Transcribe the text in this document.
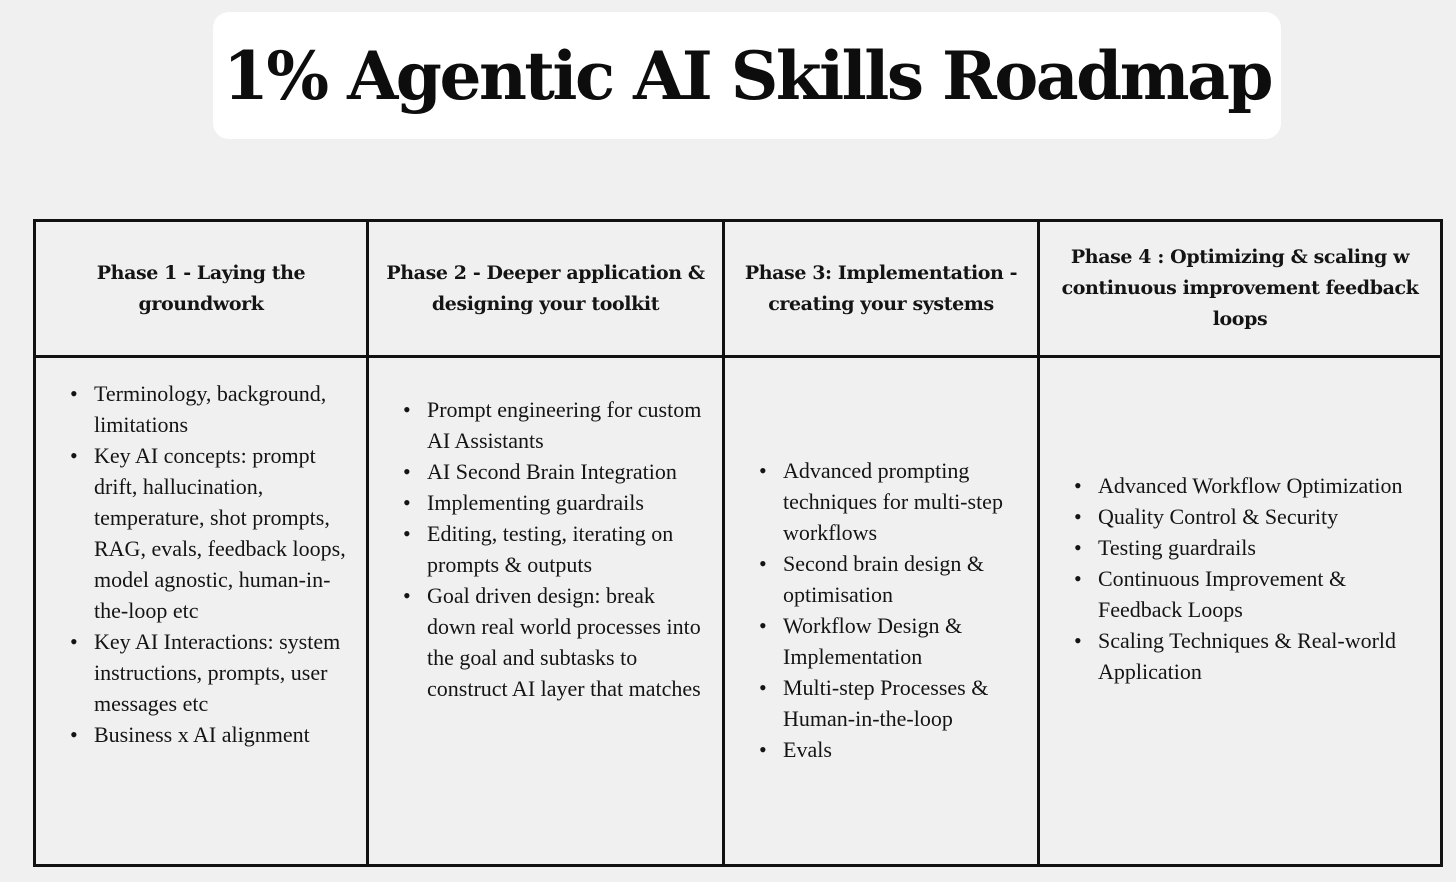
1% Agentic AI Skills Roadmap
Phase 1 - Laying the groundwork
Phase 2 - Deeper application & designing your toolkit
Phase 3: Implementation - creating your systems
Phase 4 : Optimizing & scaling w continuous improvement feedback loops
• Terminology, background, limitations
• Key AI concepts: prompt drift, hallucination, temperature, shot prompts, RAG, evals, feedback loops, model agnostic, human-in-the-loop etc
• Key AI Interactions: system instructions, prompts, user messages etc
• Business x AI alignment
• Prompt engineering for custom AI Assistants
• AI Second Brain Integration
• Implementing guardrails
• Editing, testing, iterating on prompts & outputs
• Goal driven design: break down real world processes into the goal and subtasks to construct AI layer that matches
• Advanced prompting techniques for multi-step workflows
• Second brain design & optimisation
• Workflow Design & Implementation
• Multi-step Processes & Human-in-the-loop
• Evals
• Advanced Workflow Optimization
• Quality Control & Security
• Testing guardrails
• Continuous Improvement & Feedback Loops
• Scaling Techniques & Real-world Application
